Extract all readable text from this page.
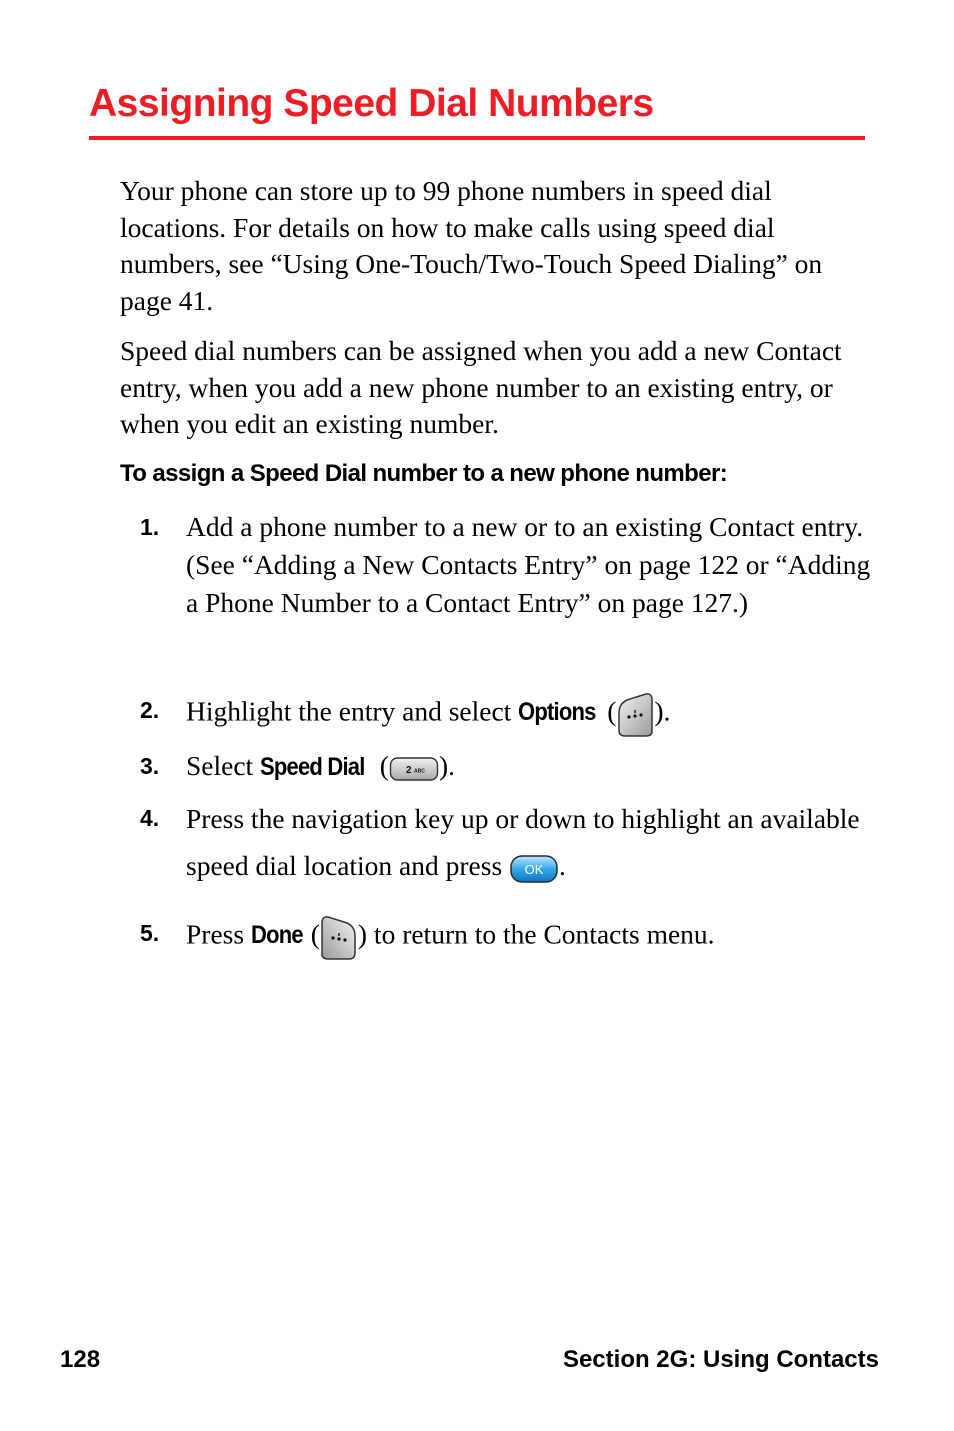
Assigning Speed Dial Numbers

Your phone can store up to 99 phone numbers in speed dial locations. For details on how to make calls using speed dial numbers, see “Using One-Touch/Two-Touch Speed Dialing” on page 41.

Speed dial numbers can be assigned when you add a new Contact entry, when you add a new phone number to an existing entry, or when you edit an existing number.

To assign a Speed Dial number to a new phone number:

1. Add a phone number to a new or to an existing Contact entry. (See “Adding a New Contacts Entry” on page 122 or “Adding a Phone Number to a Contact Entry” on page 127.)

2. Highlight the entry and select Options ( ).

3. Select Speed Dial ( 2 ABC ).

4. Press the navigation key up or down to highlight an available speed dial location and press OK .

5. Press Done ( ) to return to the Contacts menu.

128	Section 2G: Using Contacts
